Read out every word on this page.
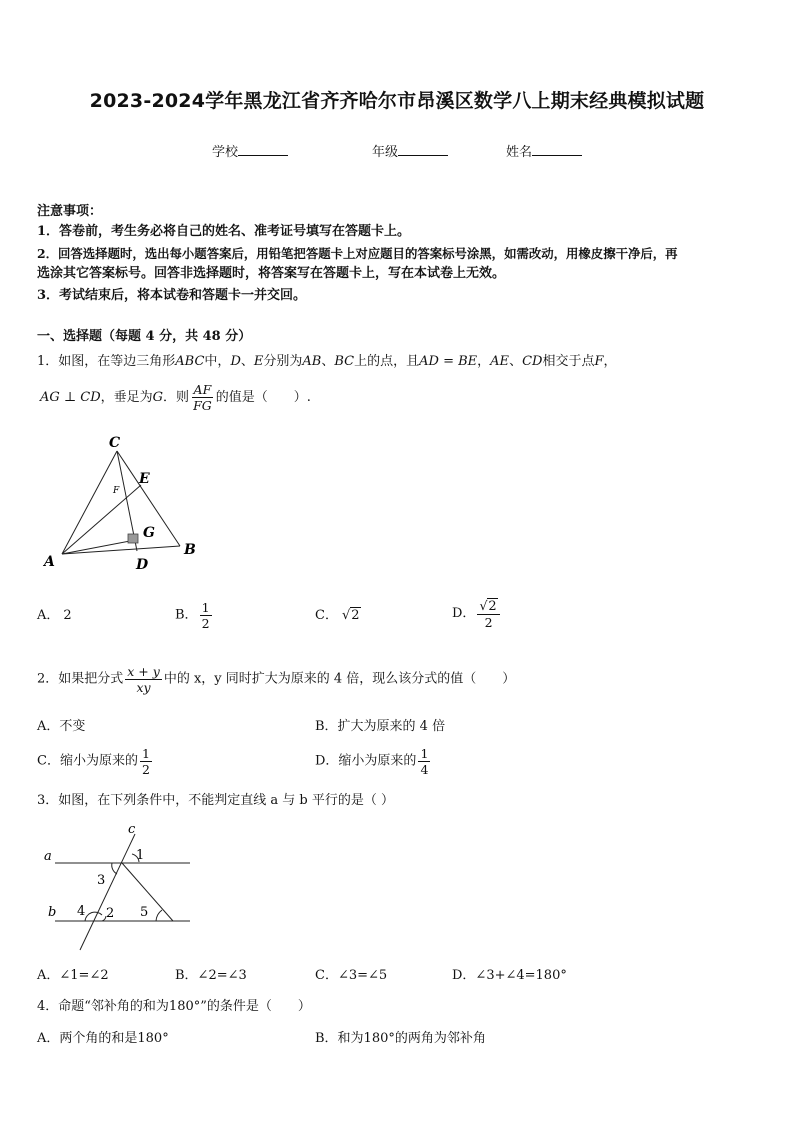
2023-2024学年黑龙江省齐齐哈尔市昂溪区数学八上期末经典模拟试题
学校	年级	姓名
注意事项：
1．答卷前，考生务必将自己的姓名、准考证号填写在答题卡上。
2．回答选择题时，选出每小题答案后，用铅笔把答题卡上对应题目的答案标号涂黑，如需改动，用橡皮擦干净后，再
选涂其它答案标号。回答非选择题时，将答案写在答题卡上，写在本试卷上无效。
3．考试结束后，将本试卷和答题卡一并交回。
一、选择题（每题 4 分，共 48 分）
1．如图，在等边三角形ABC中，D、E分别为AB、BC上的点，且AD = BE，AE、CD相交于点F，
AG ⊥ CD，垂足为G．则 $\frac{AF}{FG}$ 的值是（　　）.
C
E
F
G
B
A	D
A． 2	B． $\frac{1}{2}$	C． √2	D． $\frac{√2}{2}$
2．如果把分式 $\frac{x + y}{xy}$ 中的 x，y 同时扩大为原来的 4 倍，现么该分式的值（　　）
A．不变	B．扩大为原来的 4 倍
C．缩小为原来的 $\frac{1}{2}$	D．缩小为原来的 $\frac{1}{4}$
3．如图，在下列条件中，不能判定直线 a 与 b 平行的是（ ）
c
a
b
1
3
4 2 5
A．∠1=∠2	B．∠2=∠3	C．∠3=∠5	D．∠3+∠4=180°
4．命题“邻补角的和为180°”的条件是（　　）
A．两个角的和是180°	B．和为180°的两角为邻补角
